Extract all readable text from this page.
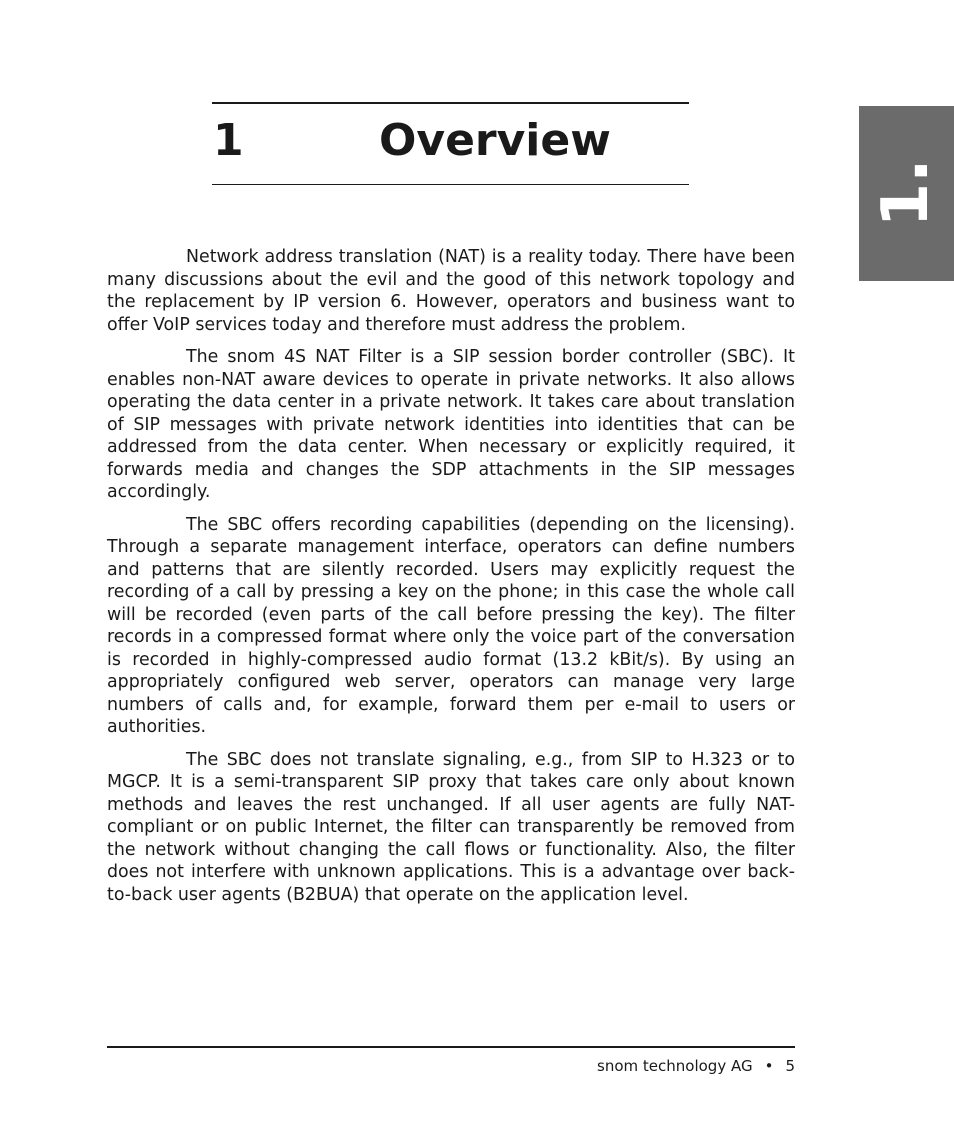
1.
1	Overview

Network address translation (NAT) is a reality today. There have been many discussions about the evil and the good of this network topology and the replacement by IP version 6. However, operators and business want to offer VoIP services today and therefore must address the problem.

The snom 4S NAT Filter is a SIP session border controller (SBC). It enables non-NAT aware devices to operate in private networks. It also allows operating the data center in a private network. It takes care about translation of SIP messages with private network identities into identities that can be addressed from the data center. When necessary or explicitly required, it forwards media and changes the SDP attachments in the SIP messages accordingly.

The SBC offers recording capabilities (depending on the licensing). Through a separate management interface, operators can define numbers and patterns that are silently recorded. Users may explicitly request the recording of a call by pressing a key on the phone; in this case the whole call will be recorded (even parts of the call before pressing the key). The filter records in a compressed format where only the voice part of the conversation is recorded in highly-compressed audio format (13.2 kBit/s). By using an appropriately configured web server, operators can manage very large numbers of calls and, for example, forward them per e-mail to users or authorities.

The SBC does not translate signaling, e.g., from SIP to H.323 or to MGCP. It is a semi-transparent SIP proxy that takes care only about known methods and leaves the rest unchanged. If all user agents are fully NAT-compliant or on public Internet, the filter can transparently be removed from the network without changing the call flows or functionality. Also, the filter does not interfere with unknown applications. This is a advantage over back-to-back user agents (B2BUA) that operate on the application level.

snom technology AG • 5
